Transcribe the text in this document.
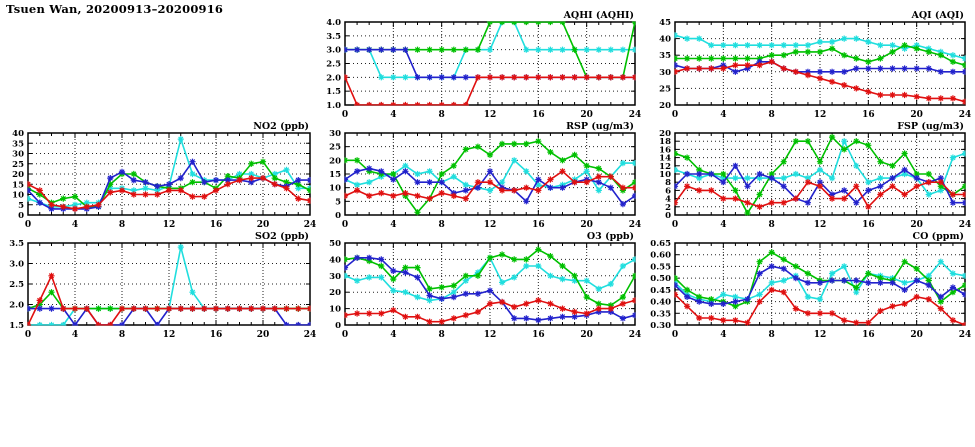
Tsuen Wan, 20200913–20200916
1.0
1.5
2.0
2.5
3.0
3.5
4.0
0	4	8	12	16	20	24
AQHI (AQHI)
20
25
30
35
40
45
0	4	8	12	16	20	24
AQI (AQI)
0
5
10
15
20
25
30
35
40
0	4	8	12	16	20	24
NO2 (ppb)
0
5
10
15
20
25
30
0	4	8	12	16	20	24
RSP (ug/m3)
0
2
4
6
8
10
12
14
16
18
20
0	4	8	12	16	20	24
FSP (ug/m3)
1.5
2.0
2.5
3.0
3.5
0	4	8	12	16	20	24
SO2 (ppb)
0
10
20
30
40
50
0	4	8	12	16	20	24
O3 (ppb)
0.30
0.35
0.40
0.45
0.50
0.55
0.60
0.65
0	4	8	12	16	20	24
CO (ppm)
